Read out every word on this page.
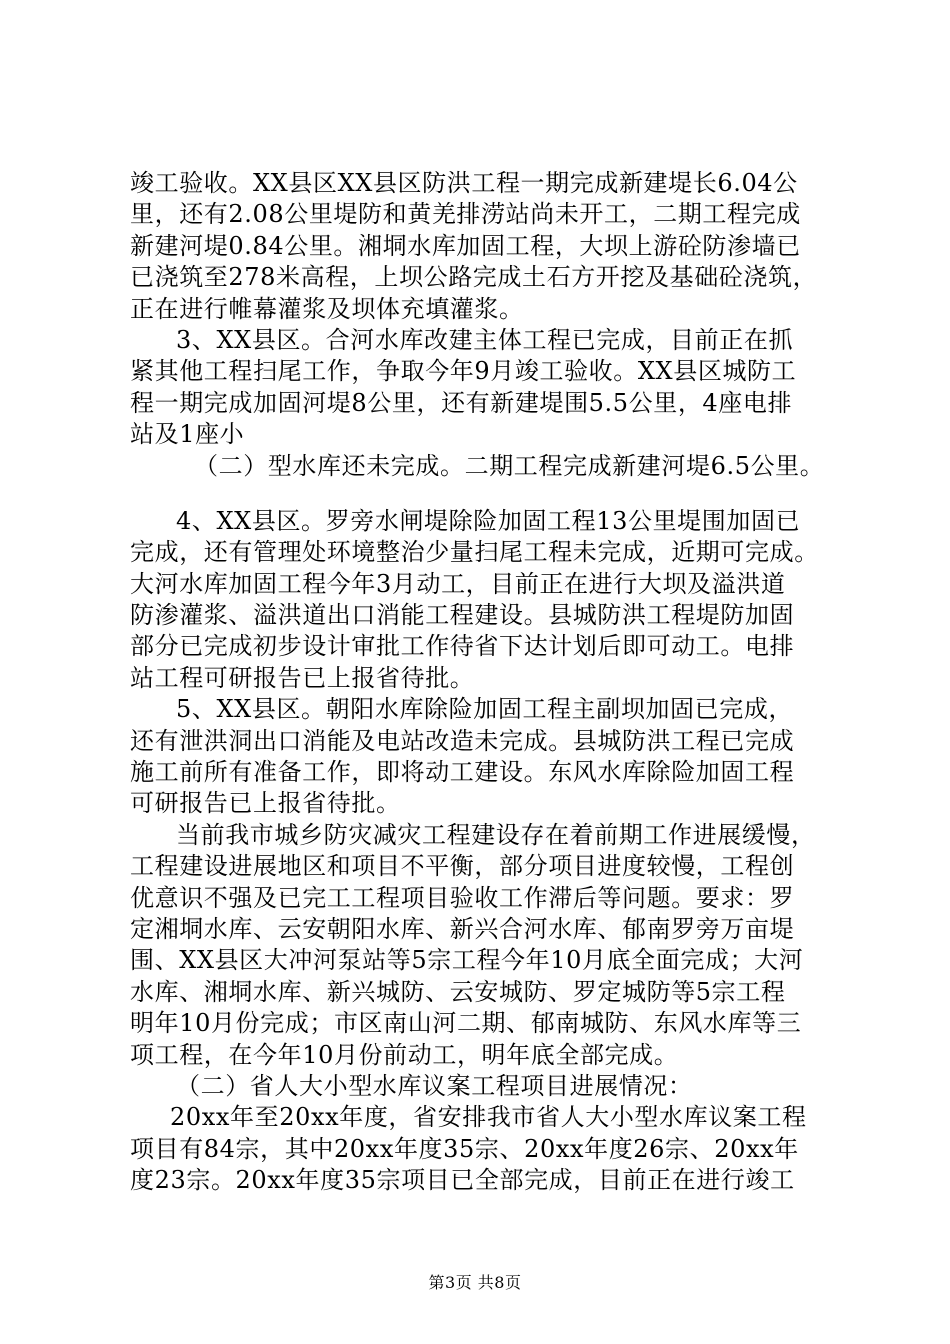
竣工验收。XX县区XX县区防洪工程一期完成新建堤长6.04公
里，还有2.08公里堤防和黄羌排涝站尚未开工，二期工程完成
新建河堤0.84公里。湘垌水库加固工程，大坝上游砼防渗墙已
已浇筑至278米高程，上坝公路完成土石方开挖及基础砼浇筑，
正在进行帷幕灌浆及坝体充填灌浆。
3、XX县区。合河水库改建主体工程已完成，目前正在抓
紧其他工程扫尾工作，争取今年9月竣工验收。XX县区城防工
程一期完成加固河堤8公里，还有新建堤围5.5公里，4座电排
站及1座小
（二）型水库还未完成。二期工程完成新建河堤6.5公里。
4、XX县区。罗旁水闸堤除险加固工程13公里堤围加固已
完成，还有管理处环境整治少量扫尾工程未完成，近期可完成。
大河水库加固工程今年3月动工，目前正在进行大坝及溢洪道
防渗灌浆、溢洪道出口消能工程建设。县城防洪工程堤防加固
部分已完成初步设计审批工作待省下达计划后即可动工。电排
站工程可研报告已上报省待批。
5、XX县区。朝阳水库除险加固工程主副坝加固已完成，
还有泄洪洞出口消能及电站改造未完成。县城防洪工程已完成
施工前所有准备工作，即将动工建设。东风水库除险加固工程
可研报告已上报省待批。
当前我市城乡防灾减灾工程建设存在着前期工作进展缓慢，
工程建设进展地区和项目不平衡，部分项目进度较慢，工程创
优意识不强及已完工工程项目验收工作滞后等问题。要求：罗
定湘垌水库、云安朝阳水库、新兴合河水库、郁南罗旁万亩堤
围、XX县区大冲河泵站等5宗工程今年10月底全面完成；大河
水库、湘垌水库、新兴城防、云安城防、罗定城防等5宗工程
明年10月份完成；市区南山河二期、郁南城防、东风水库等三
项工程，在今年10月份前动工，明年底全部完成。
（二）省人大小型水库议案工程项目进展情况：
20xx年至20xx年度，省安排我市省人大小型水库议案工程
项目有84宗，其中20xx年度35宗、20xx年度26宗、20xx年
度23宗。20xx年度35宗项目已全部完成，目前正在进行竣工
第3页 共8页
